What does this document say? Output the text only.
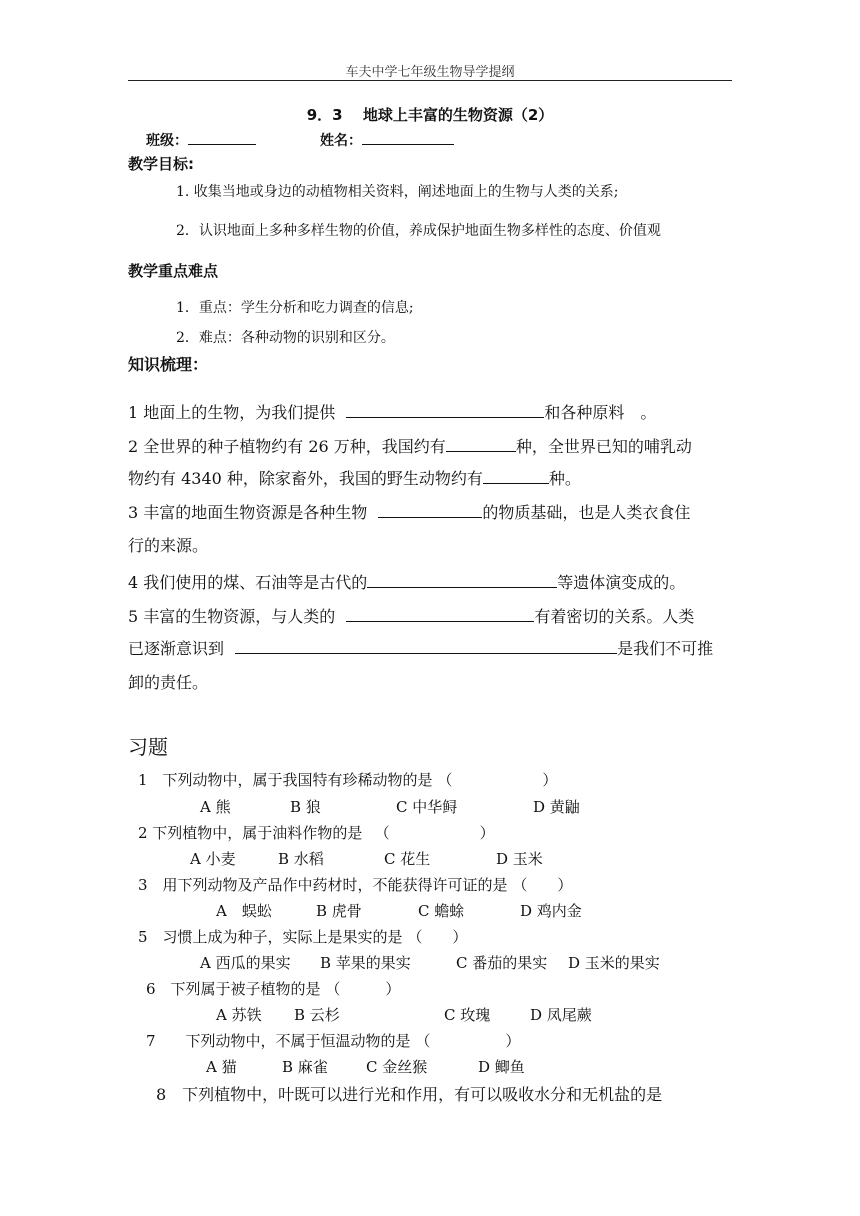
车夫中学七年级生物导学提纲
9．3　 地球上丰富的生物资源（2）
班级：	姓名：
教学目标:
1. 收集当地或身边的动植物相关资料，阐述地面上的生物与人类的关系;
2．认识地面上多种多样生物的价值，养成保护地面生物多样性的态度、价值观
教学重点难点
1．重点：学生分析和吃力调查的信息;
2．难点：各种动物的识别和区分。
知识梳理：
1 地面上的生物，为我们提供	和各种原料　。
2 全世界的种子植物约有 26 万种，我国约有	种，全世界已知的哺乳动
物约有 4340 种，除家畜外，我国的野生动物约有	种。
3 丰富的地面生物资源是各种生物	的物质基础，也是人类衣食住
行的来源。
4 我们使用的煤、石油等是古代的	等遗体演变成的。
5 丰富的生物资源，与人类的	有着密切的关系。人类
已逐渐意识到	是我们不可推
卸的责任。
习题
1　下列动物中，属于我国特有珍稀动物的是 （　　　　　　）
A 熊	B 狼	C 中华鲟	D 黄鼬
2 下列植物中，属于油料作物的是 　（　　　　　　）
A 小麦	B 水稻	C 花生	D 玉米
3　用下列动物及产品作中药材时，不能获得许可证的是 （　　）
A　蜈蚣	B 虎骨	C 蟾蜍	D 鸡内金
5　习惯上成为种子，实际上是果实的是 （　　）
A 西瓜的果实 B 苹果的果实	C 番茄的果实 D 玉米的果实
6　下列属于被子植物的是 （　　　）
A 苏铁 B 云杉	C 玫瑰	D 凤尾蕨
7　　下列动物中，不属于恒温动物的是 （　　　　　）
A 猫	B 麻雀	C 金丝猴	D 鲫鱼
8　下列植物中，叶既可以进行光和作用，有可以吸收水分和无机盐的是
